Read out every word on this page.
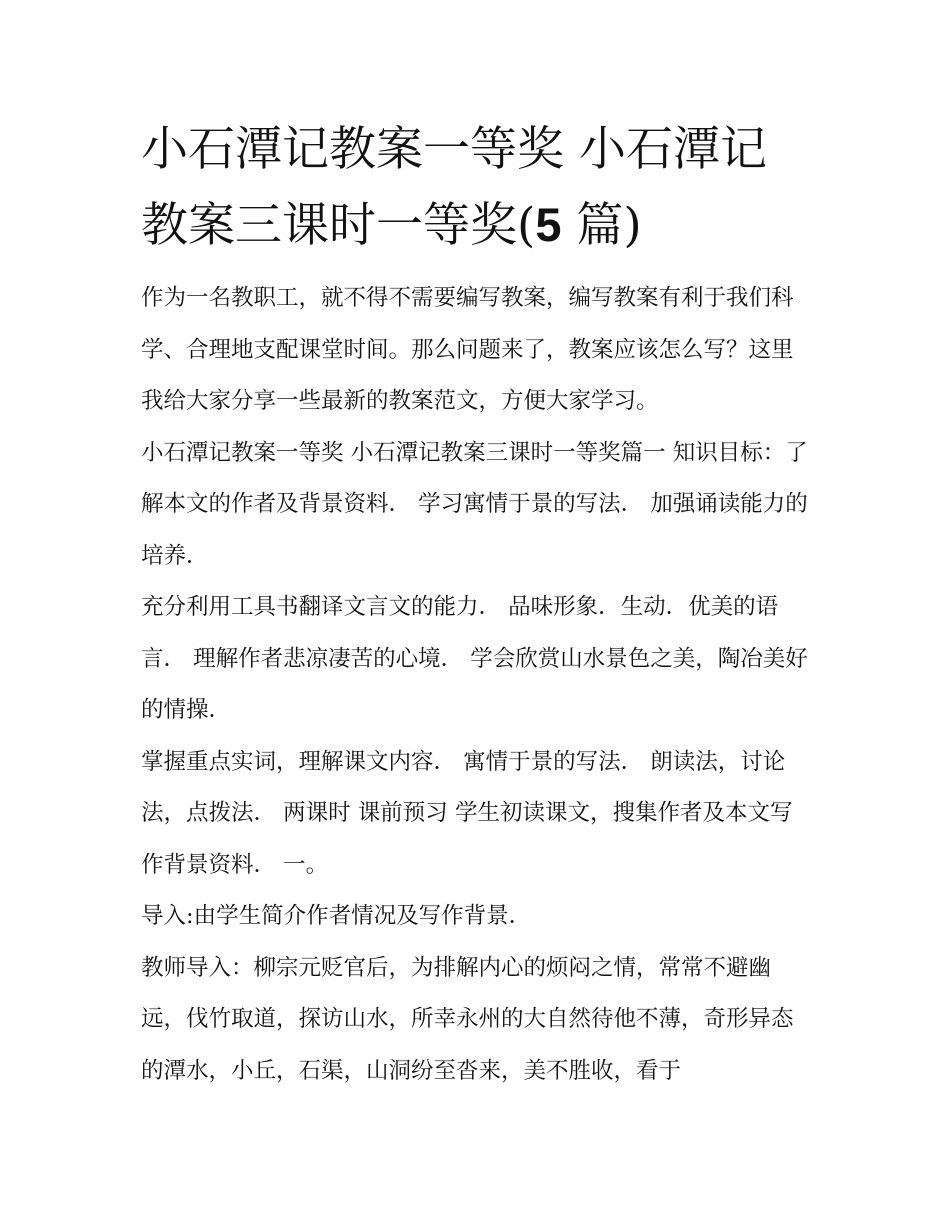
小石潭记教案一等奖 小石潭记教案三课时一等奖(5 篇)

作为一名教职工，就不得不需要编写教案，编写教案有利于我们科学、合理地支配课堂时间。那么问题来了，教案应该怎么写？这里我给大家分享一些最新的教案范文，方便大家学习。

小石潭记教案一等奖 小石潭记教案三课时一等奖篇一 知识目标：了解本文的作者及背景资料． 学习寓情于景的写法． 加强诵读能力的培养．

充分利用工具书翻译文言文的能力． 品味形象．生动．优美的语言． 理解作者悲凉凄苦的心境． 学会欣赏山水景色之美，陶冶美好的情操．

掌握重点实词，理解课文内容． 寓情于景的写法． 朗读法，讨论法，点拨法． 两课时 课前预习 学生初读课文，搜集作者及本文写作背景资料． 一。

导入:由学生简介作者情况及写作背景．

教师导入：柳宗元贬官后，为排解内心的烦闷之情，常常不避幽远，伐竹取道，探访山水，所幸永州的大自然待他不薄，奇形异态的潭水，小丘，石渠，山洞纷至沓来，美不胜收，看于
